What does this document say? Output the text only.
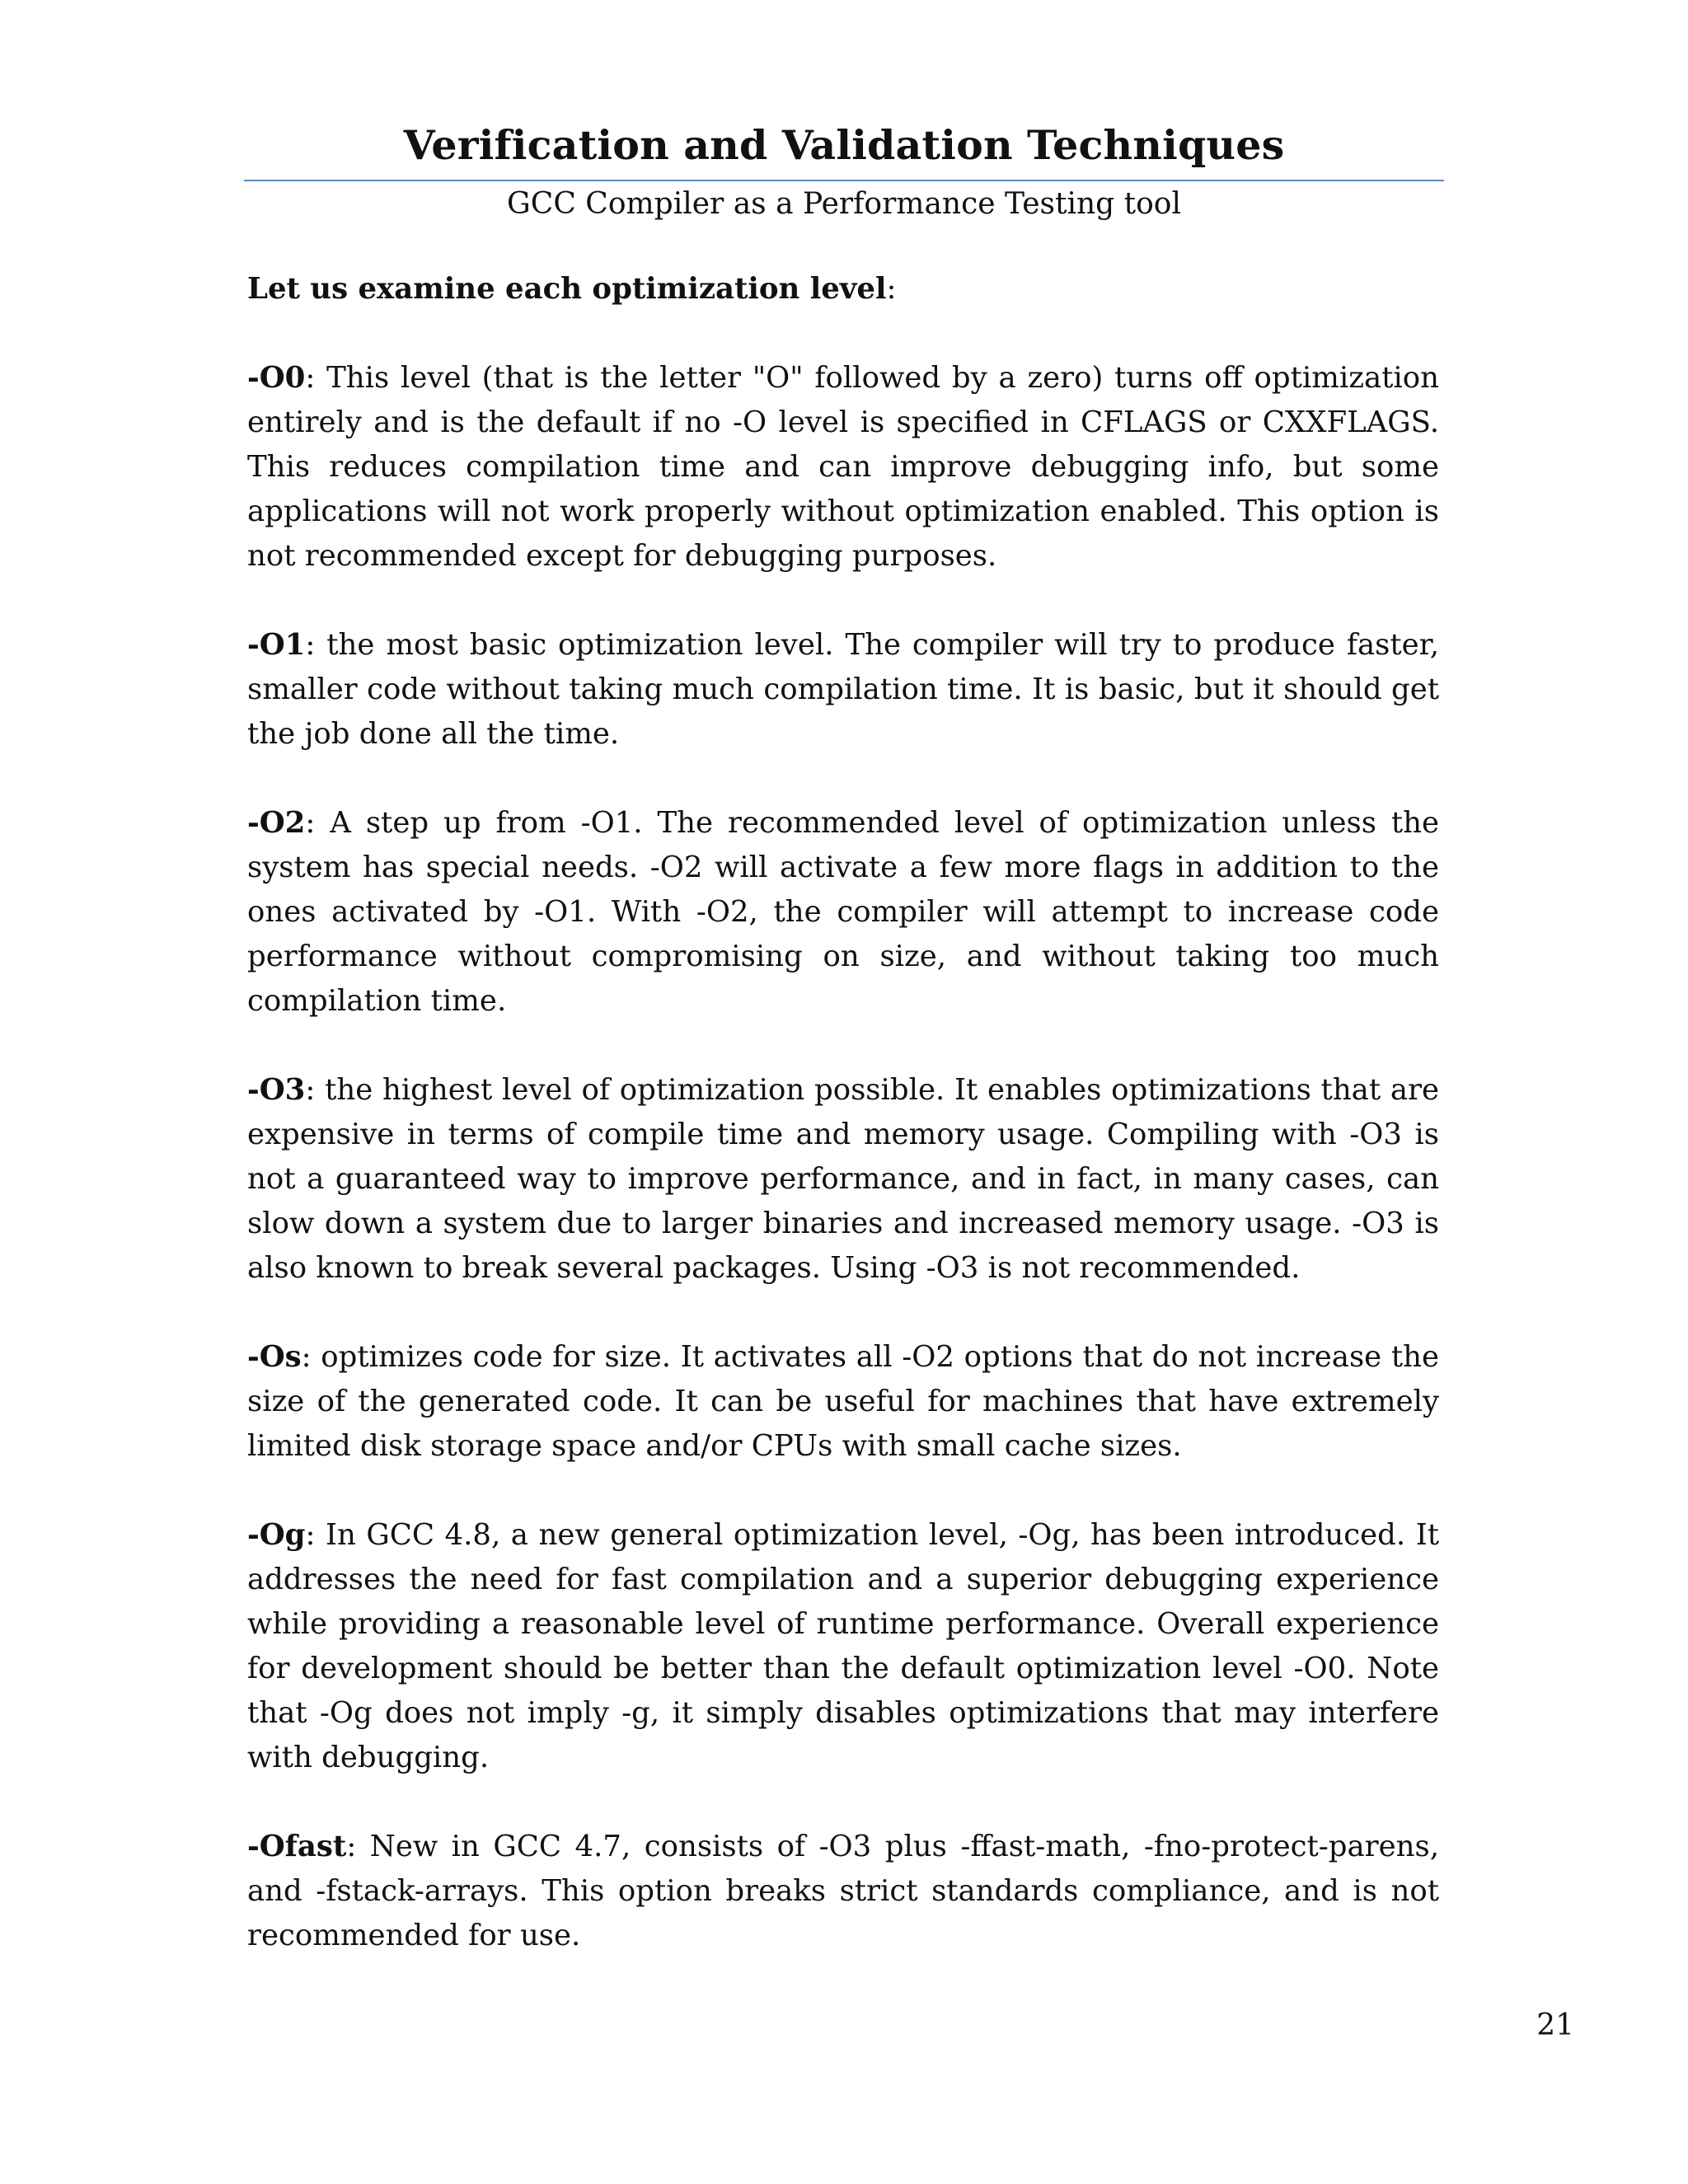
Verification and Validation Techniques
GCC Compiler as a Performance Testing tool

Let us examine each optimization level:

-O0: This level (that is the letter "O" followed by a zero) turns off optimization entirely and is the default if no -O level is specified in CFLAGS or CXXFLAGS. This reduces compilation time and can improve debugging info, but some applications will not work properly without optimization enabled. This option is not recommended except for debugging purposes.

-O1: the most basic optimization level. The compiler will try to produce faster, smaller code without taking much compilation time. It is basic, but it should get the job done all the time.

-O2: A step up from -O1. The recommended level of optimization unless the system has special needs. -O2 will activate a few more flags in addition to the ones activated by -O1. With -O2, the compiler will attempt to increase code performance without compromising on size, and without taking too much compilation time.

-O3: the highest level of optimization possible. It enables optimizations that are expensive in terms of compile time and memory usage. Compiling with -O3 is not a guaranteed way to improve performance, and in fact, in many cases, can slow down a system due to larger binaries and increased memory usage. -O3 is also known to break several packages. Using -O3 is not recommended.

-Os: optimizes code for size. It activates all -O2 options that do not increase the size of the generated code. It can be useful for machines that have extremely limited disk storage space and/or CPUs with small cache sizes.

-Og: In GCC 4.8, a new general optimization level, -Og, has been introduced. It addresses the need for fast compilation and a superior debugging experience while providing a reasonable level of runtime performance. Overall experience for development should be better than the default optimization level -O0. Note that -Og does not imply -g, it simply disables optimizations that may interfere with debugging.

-Ofast: New in GCC 4.7, consists of -O3 plus -ffast-math, -fno-protect-parens, and -fstack-arrays. This option breaks strict standards compliance, and is not recommended for use.

21
